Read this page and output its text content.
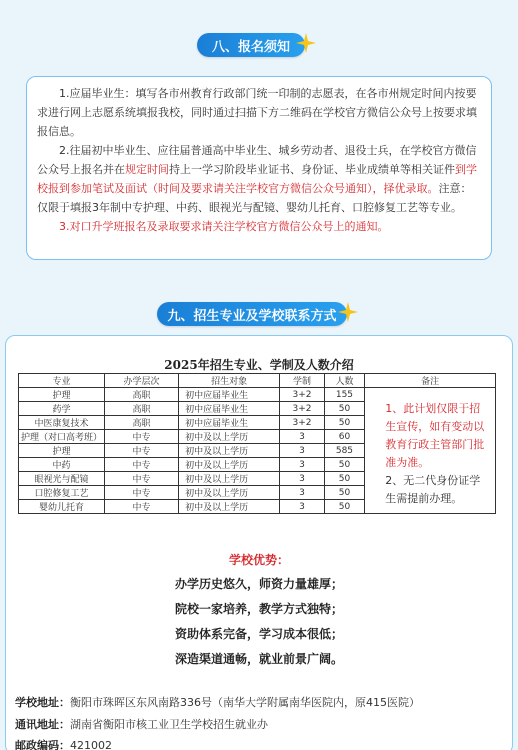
八、报名须知

1.应届毕业生：填写各市州教育行政部门统一印制的志愿表，在各市州规定时间内按要求进行网上志愿系统填报我校，同时通过扫描下方二维码在学校官方微信公众号上按要求填报信息。

2.往届初中毕业生、应往届普通高中毕业生、城乡劳动者、退役士兵，在学校官方微信公众号上报名并在规定时间持上一学习阶段毕业证书、身份证、毕业成绩单等相关证件到学校报到参加笔试及面试（时间及要求请关注学校官方微信公众号通知），择优录取。注意：仅限于填报3年制中专护理、中药、眼视光与配镜、婴幼儿托育、口腔修复工艺等专业。

3.对口升学班报名及录取要求请关注学校官方微信公众号上的通知。

九、招生专业及学校联系方式
2025年招生专业、学制及人数介绍
专业	办学层次	招生对象	学制	人数	备注
护理	高职	初中应届毕业生	3+2	155	1、此计划仅限于招生宣传，如有变动以教育行政主管部门批准为准。
2、无二代身份证学生需提前办理。

药学	高职	初中应届毕业生	3+2	50	
中医康复技术	高职	初中应届毕业生	3+2	50	
护理（对口高考班）	中专	初中及以上学历	3	60	
护理	中专	初中及以上学历	3	585	
中药	中专	初中及以上学历	3	50	
眼视光与配镜	中专	初中及以上学历	3	50	
口腔修复工艺	中专	初中及以上学历	3	50	
婴幼儿托育	中专	初中及以上学历	3	50	
学校优势：
办学历史悠久，师资力量雄厚；
院校一家培养，教学方式独特；
资助体系完备，学习成本很低；
深造渠道通畅，就业前景广阔。
学校地址：衡阳市珠晖区东风南路336号（南华大学附属南华医院内，原415医院）
通讯地址：湖南省衡阳市核工业卫生学校招生就业办
邮政编码：421002
